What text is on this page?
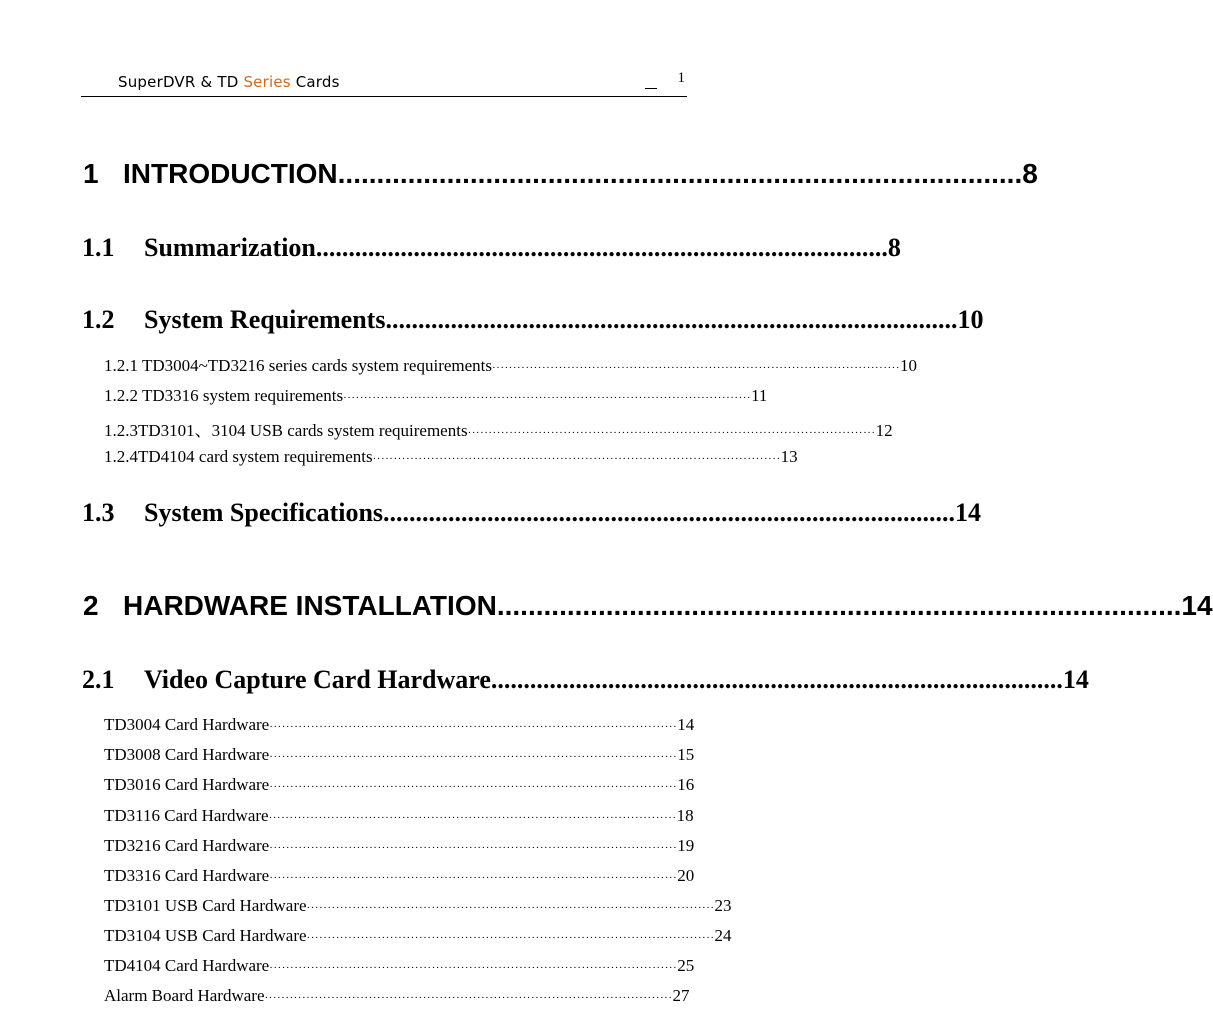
SuperDVR & TD Series Cards	1
1 INTRODUCTION ........................................................................................ 8
1.1 Summarization ........................................................................................ 8
1.2 System Requirements ........................................................................................ 10
1.2.1 TD3004~TD3216 series cards system requirements ·································································································· 10
1.2.2 TD3316 system requirements ·································································································· 11
1.2.3TD3101、3104 USB cards system requirements ·································································································· 12
1.2.4TD4104 card system requirements ·································································································· 13
1.3 System Specifications ........................................................................................ 14
2 HARDWARE INSTALLATION ........................................................................................ 14
2.1 Video Capture Card Hardware ........................................................................................ 14
TD3004 Card Hardware ·································································································· 14
TD3008 Card Hardware ·································································································· 15
TD3016 Card Hardware ·································································································· 16
TD3116 Card Hardware ·································································································· 18
TD3216 Card Hardware ·································································································· 19
TD3316 Card Hardware ·································································································· 20
TD3101 USB Card Hardware ·································································································· 23
TD3104 USB Card Hardware ·································································································· 24
TD4104 Card Hardware ·································································································· 25
Alarm Board Hardware ·································································································· 27
